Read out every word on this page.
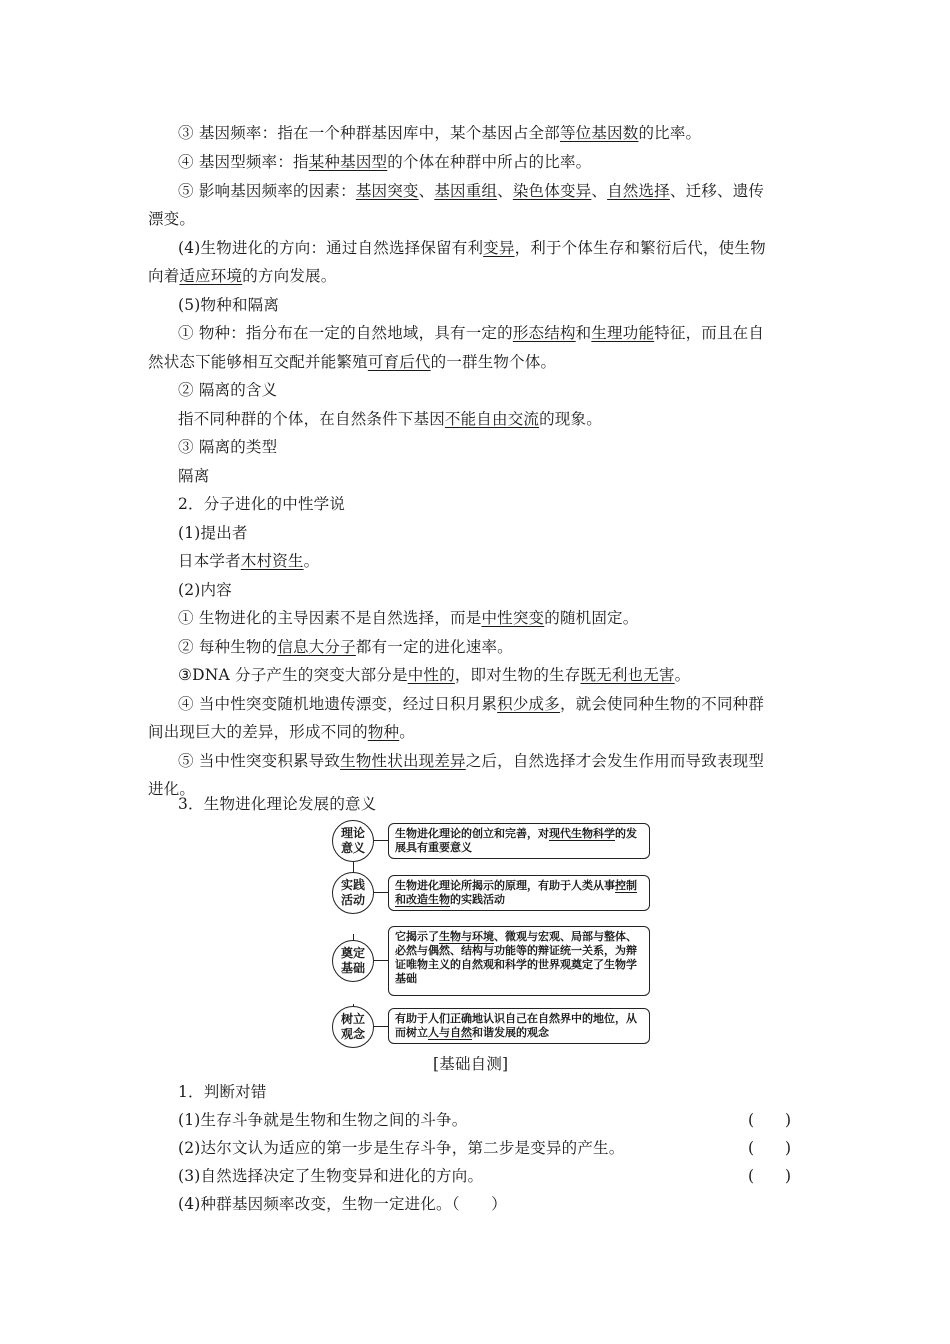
③ 基因频率：指在一个种群基因库中，某个基因占全部等位基因数的比率。
④ 基因型频率：指某种基因型的个体在种群中所占的比率。
⑤ 影响基因频率的因素：基因突变、基因重组、染色体变异、自然选择、迁移、遗传
漂变。
(4)生物进化的方向：通过自然选择保留有利变异，利于个体生存和繁衍后代，使生物
向着适应环境的方向发展。
(5)物种和隔离
① 物种：指分布在一定的自然地域，具有一定的形态结构和生理功能特征，而且在自
然状态下能够相互交配并能繁殖可育后代的一群生物个体。
② 隔离的含义
指不同种群的个体，在自然条件下基因不能自由交流的现象。
③ 隔离的类型
隔离
2．分子进化的中性学说
(1)提出者
日本学者木村资生。
(2)内容
① 生物进化的主导因素不是自然选择，而是中性突变的随机固定。
② 每种生物的信息大分子都有一定的进化速率。
③DNA 分子产生的突变大部分是中性的，即对生物的生存既无利也无害。
④ 当中性突变随机地遗传漂变，经过日积月累积少成多，就会使同种生物的不同种群
间出现巨大的差异，形成不同的物种。
⑤ 当中性突变积累导致生物性状出现差异之后，自然选择才会发生作用而导致表现型
进化。
3．生物进化理论发展的意义
理论意义
生物进化理论的创立和完善，对现代生物科学的发展具有重要意义
实践活动
生物进化理论所揭示的原理，有助于人类从事控制和改造生物的实践活动
奠定基础
它揭示了生物与环境、微观与宏观、局部与整体、必然与偶然、结构与功能等的辩证统一关系，为辩证唯物主义的自然观和科学的世界观奠定了生物学基础
树立观念
有助于人们正确地认识自己在自然界中的地位，从而树立人与自然和谐发展的观念
[基础自测]
1．判断对错
(1)生存斗争就是生物和生物之间的斗争。	(　　)
(2)达尔文认为适应的第一步是生存斗争，第二步是变异的产生。	(　　)
(3)自然选择决定了生物变异和进化的方向。	(　　)
(4)种群基因频率改变，生物一定进化。（　　）
